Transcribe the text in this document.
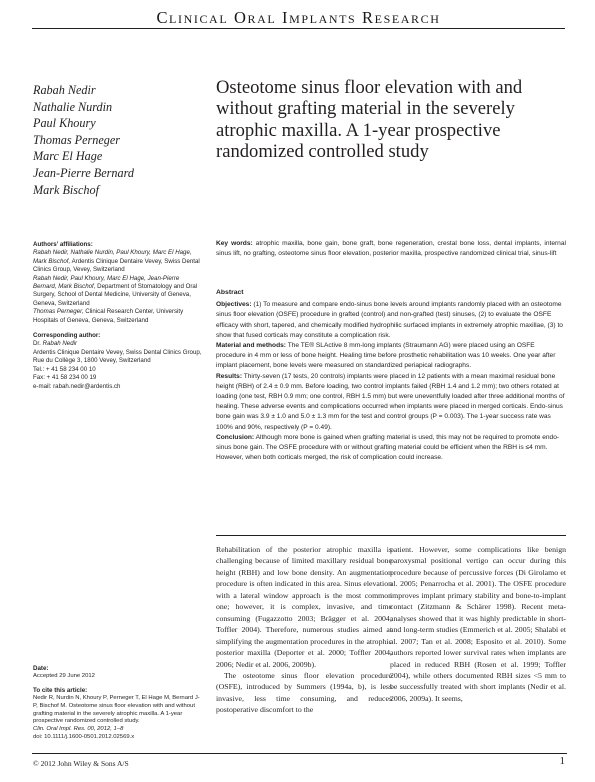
Clinical Oral Implants Research
Rabah Nedir
Nathalie Nurdin
Paul Khoury
Thomas Perneger
Marc El Hage
Jean-Pierre Bernard
Mark Bischof
Osteotome sinus floor elevation with and without grafting material in the severely atrophic maxilla. A 1-year prospective randomized controlled study

Authors’ affiliations:

Rabah Nedir, Nathalie Nurdin, Paul Khoury, Marc El Hage, Mark Bischof, Ardentis Clinique Dentaire Vevey, Swiss Dental Clinics Group, Vevey, Switzerland

Rabah Nedir, Paul Khoury, Marc El Hage, Jean-Pierre Bernard, Mark Bischof, Department of Stomatology and Oral Surgery, School of Dental Medicine, University of Geneva, Geneva, Switzerland

Thomas Perneger, Clinical Research Center, University Hospitals of Geneva, Geneva, Switzerland

Corresponding author:

Dr. Rabah Nedir

Ardentis Clinique Dentaire Vevey, Swiss Dental Clinics Group, Rue du Collège 3, 1800 Vevey, Switzerland

Tel.: + 41 58 234 00 10

Fax: + 41 58 234 00 19

e-mail: rabah.nedir@ardentis.ch

Key words: atrophic maxilla, bone gain, bone graft, bone regeneration, crestal bone loss, dental implants, internal sinus lift, no grafting, osteotome sinus floor elevation, posterior maxilla, prospective randomized clinical trial, sinus-lift

Abstract

Objectives: (1) To measure and compare endo-sinus bone levels around implants randomly placed with an osteotome sinus floor elevation (OSFE) procedure in grafted (control) and non-grafted (test) sinuses, (2) to evaluate the OSFE efficacy with short, tapered, and chemically modified hydrophilic surfaced implants in extremely atrophic maxillae, (3) to show that fused corticals may constitute a complication risk.

Material and methods: The TE® SLActive 8 mm-long implants (Straumann AG) were placed using an OSFE procedure in 4 mm or less of bone height. Healing time before prosthetic rehabilitation was 10 weeks. One year after implant placement, bone levels were measured on standardized periapical radiographs.

Results: Thirty-seven (17 tests, 20 controls) implants were placed in 12 patients with a mean maximal residual bone height (RBH) of 2.4 ± 0.9 mm. Before loading, two control implants failed (RBH 1.4 and 1.2 mm); two others rotated at loading (one test, RBH 0.9 mm; one control, RBH 1.5 mm) but were uneventfully loaded after three additional months of healing. These adverse events and complications occurred when implants were placed in merged corticals. Endo-sinus bone gain was 3.9 ± 1.0 and 5.0 ± 1.3 mm for the test and control groups (P = 0.003). The 1-year success rate was 100% and 90%, respectively (P = 0.49).

Conclusion: Although more bone is gained when grafting material is used, this may not be required to promote endo-sinus bone gain. The OSFE procedure with or without grafting material could be efficient when the RBH is ≤4 mm. However, when both corticals merged, the risk of complication could increase.

Rehabilitation of the posterior atrophic maxilla is challenging because of limited maxillary residual bone height (RBH) and low bone density. An augmentation procedure is often indicated in this area. Sinus elevation with a lateral window approach is the most common one; however, it is complex, invasive, and time consuming (Fugazzotto 2003; Brägger et al. 2004; Toffler 2004). Therefore, numerous studies aimed at simplifying the augmentation procedures in the atrophic posterior maxilla (Deporter et al. 2000; Toffler 2004, 2006; Nedir et al. 2006, 2009b).

The osteotome sinus floor elevation procedure (OSFE), introduced by Summers (1994a, b), is less invasive, less time consuming, and reduces postoperative discomfort to the

patient. However, some complications like benign paroxysmal positional vertigo can occur during this procedure because of percussive forces (Di Girolamo et al. 2005; Penarrocha et al. 2001). The OSFE procedure improves implant primary stability and bone-to-implant contact (Zitzmann & Schärer 1998). Recent meta-analyses showed that it was highly predictable in short- and long-term studies (Emmerich et al. 2005; Shalabi et al. 2007; Tan et al. 2008; Esposito et al. 2010). Some authors reported lower survival rates when implants are placed in reduced RBH (Rosen et al. 1999; Toffler 2004), while others documented RBH sizes <5 mm to be successfully treated with short implants (Nedir et al. 2006, 2009a). It seems,

Date:

Accepted 29 June 2012

To cite this article:

Nedir R, Nurdin N, Khoury P, Perneger T, El Hage M, Bernard J-P, Bischof M. Osteotome sinus floor elevation with and without grafting material in the severely atrophic maxilla. A 1-year prospective randomized controlled study.

Clin. Oral Impl. Res. 00, 2012, 1–8

doi: 10.1111/j.1600-0501.2012.02569.x

© 2012 John Wiley & Sons A/S	1
